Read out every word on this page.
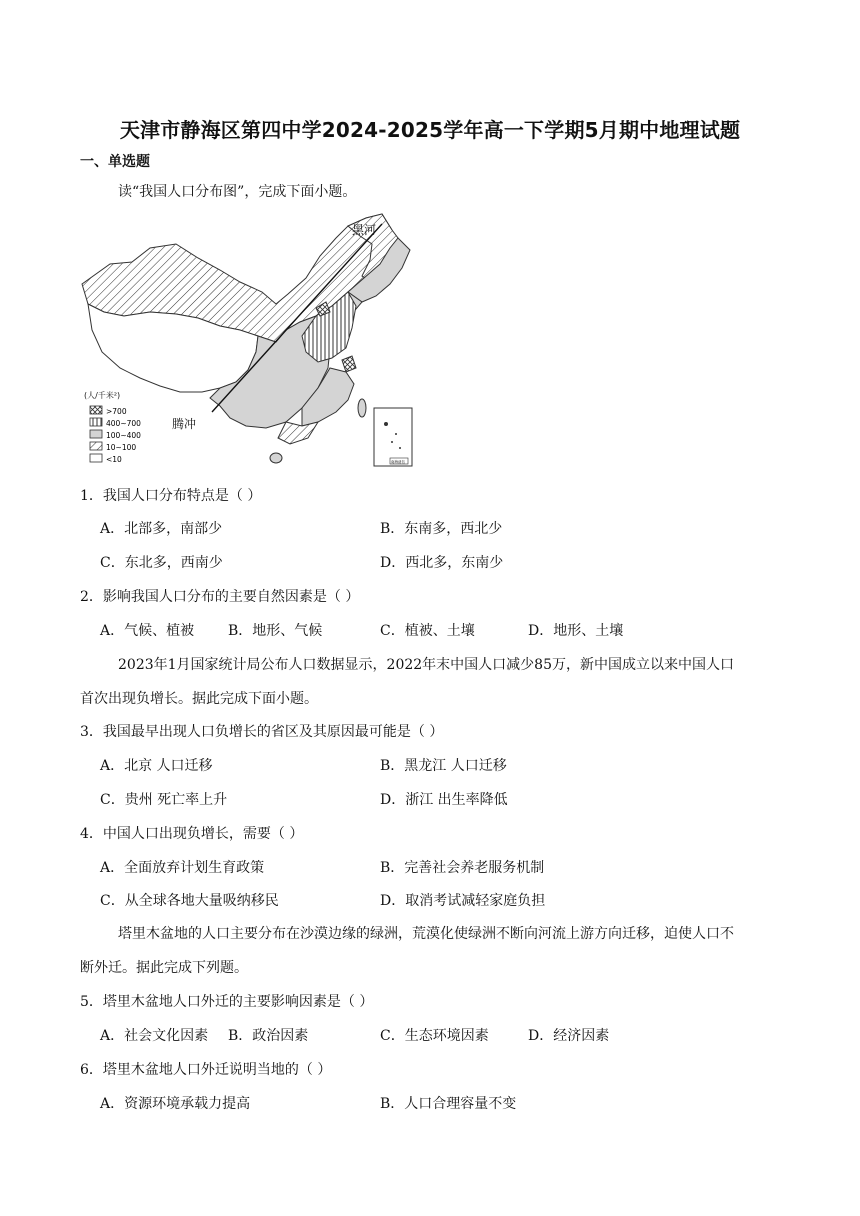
天津市静海区第四中学2024-2025学年高一下学期5月期中地理试题
一、单选题
读“我国人口分布图”，完成下面小题。
黑河
腾冲
(人/千米²)
>700
400~700
100~400
10~100
<10	南海诸岛
1．我国人口分布特点是（ ）
A．北部多，南部少	B．东南多，西北少
C．东北多，西南少	D．西北多，东南少
2．影响我国人口分布的主要自然因素是（ ）
A．气候、植被 B．地形、气候	C．植被、土壤	D．地形、土壤
2023年1月国家统计局公布人口数据显示，2022年末中国人口减少85万，新中国成立以来中国人口
首次出现负增长。据此完成下面小题。
3．我国最早出现人口负增长的省区及其原因最可能是（ ）
A．北京 人口迁移	B．黑龙江 人口迁移
C．贵州 死亡率上升	D．浙江 出生率降低
4．中国人口出现负增长，需要（ ）
A．全面放弃计划生育政策	B．完善社会养老服务机制
C．从全球各地大量吸纳移民	D．取消考试减轻家庭负担
塔里木盆地的人口主要分布在沙漠边缘的绿洲，荒漠化使绿洲不断向河流上游方向迁移，迫使人口不
断外迁。据此完成下列题。
5．塔里木盆地人口外迁的主要影响因素是（ ）
A．社会文化因素 B．政治因素	C．生态环境因素	D．经济因素
6．塔里木盆地人口外迁说明当地的（ ）
A．资源环境承载力提高	B．人口合理容量不变
